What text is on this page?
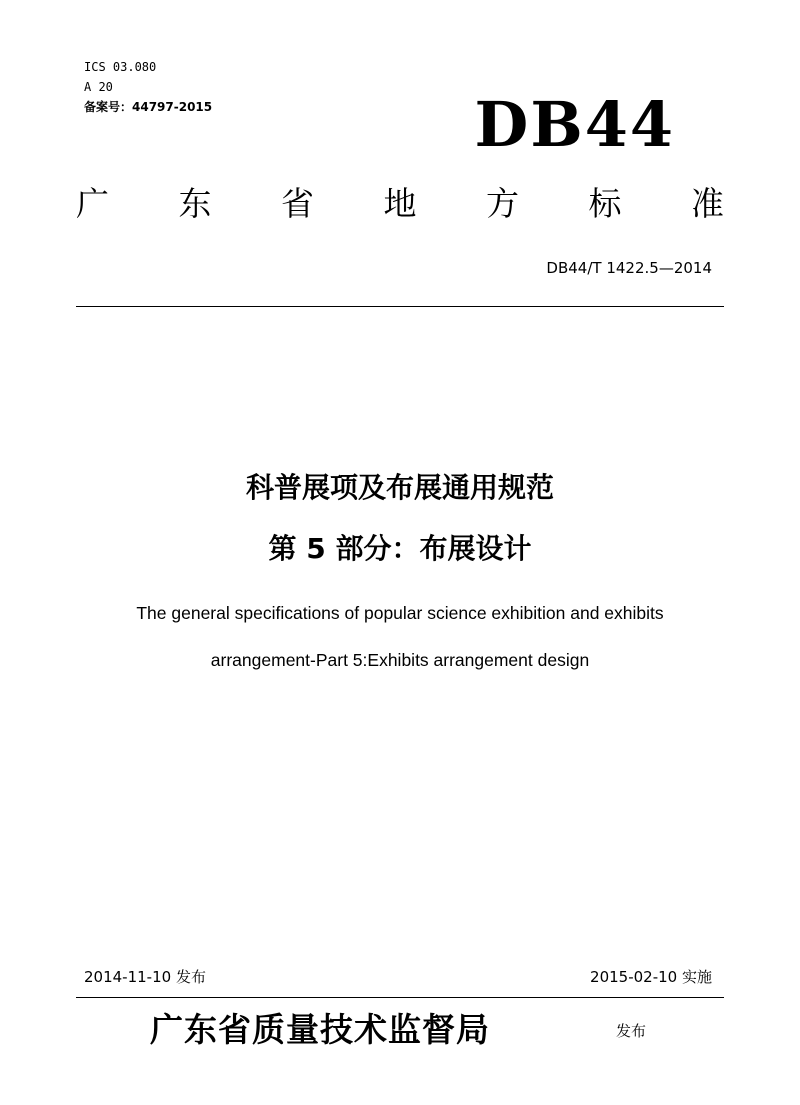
ICS 03.080
A 20
备案号：44797-2015	DB44
广 东 省 地 方 标 准
DB44/T 1422.5—2014
科普展项及布展通用规范
第 5 部分：布展设计
The general specifications of popular science exhibition and exhibits
arrangement-Part 5:Exhibits arrangement design
2014-11-10 发布	2015-02-10 实施
广东省质量技术监督局	发布
